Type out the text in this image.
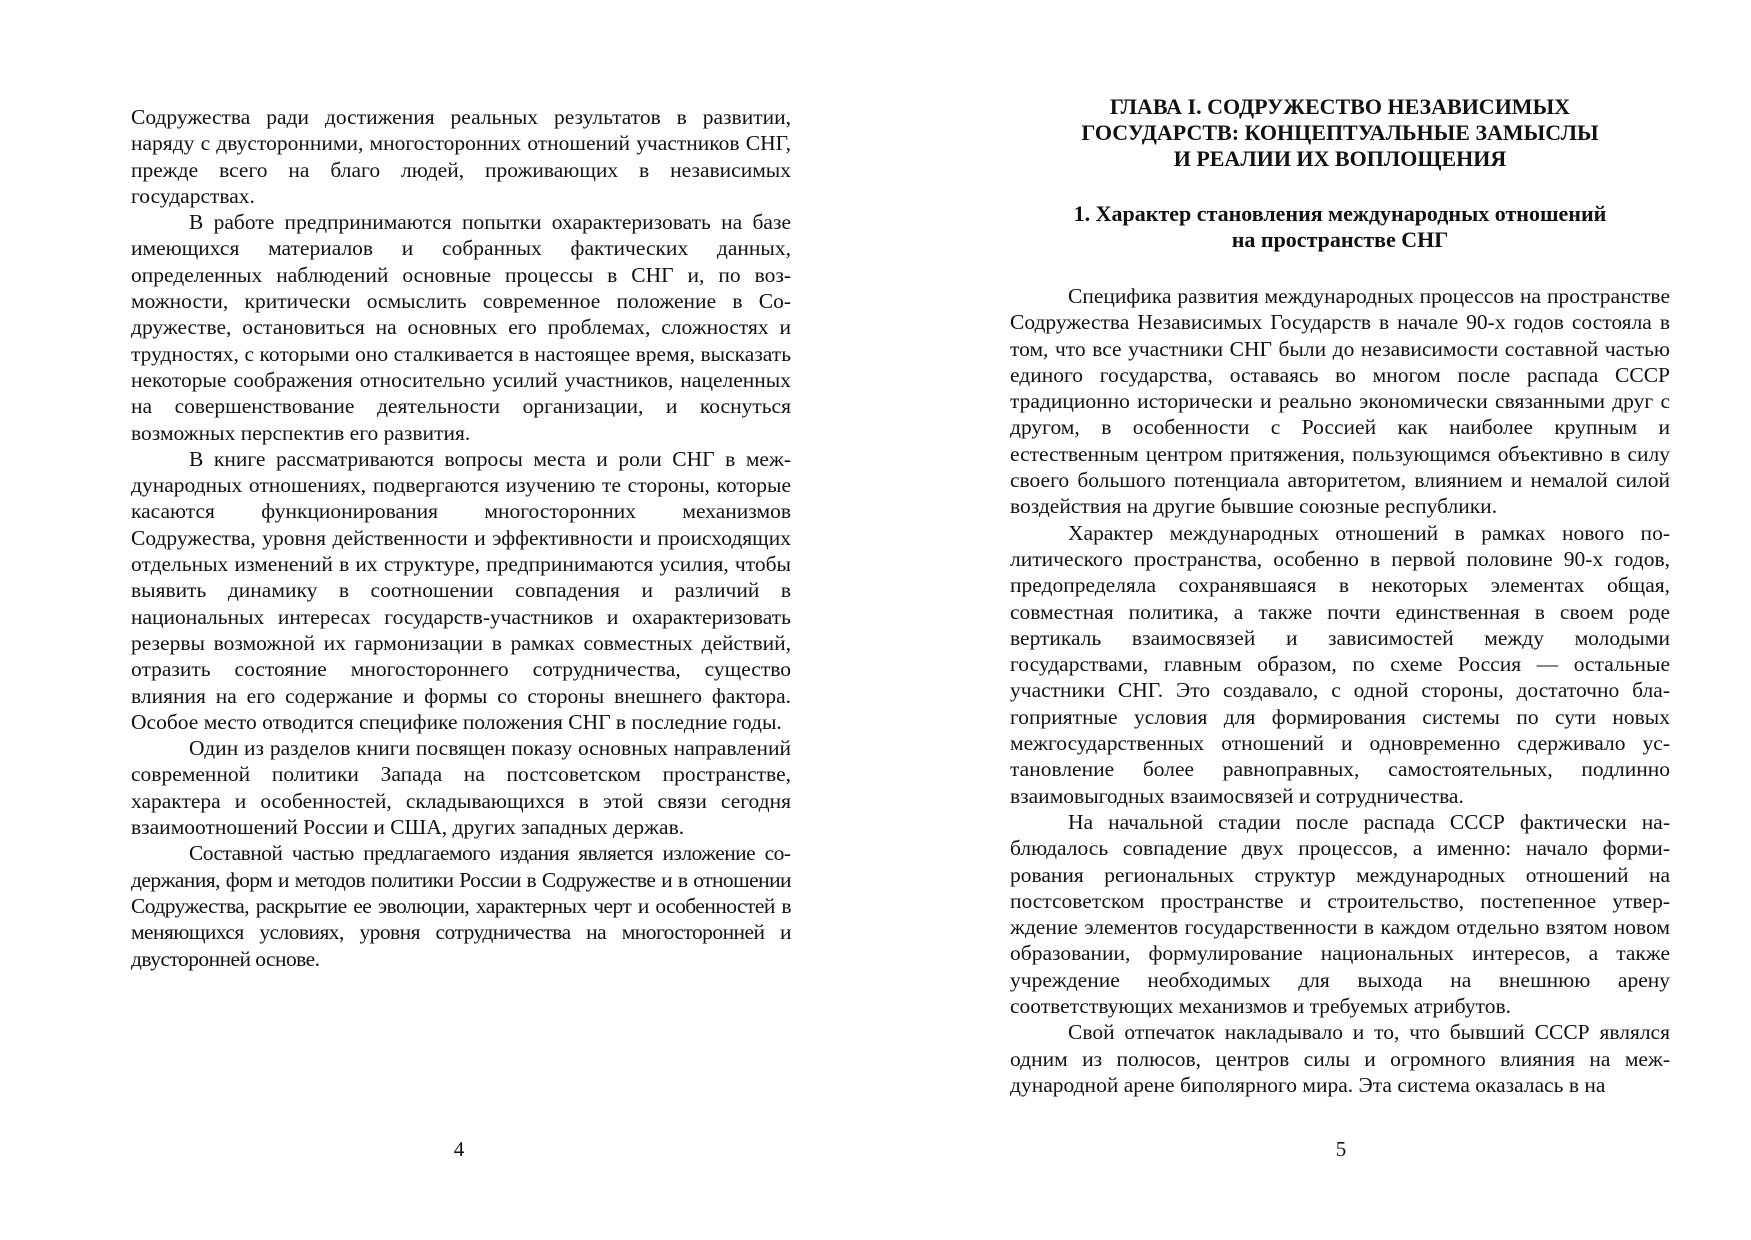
Содружества ради достижения реальных результатов в развитии, наряду с двусторонними, многосторонних отношений участников СНГ, прежде всего на благо людей, проживающих в независимых государствах.

В работе предпринимаются попытки охарактеризовать на базе имеющихся материалов и собранных фактических данных, определенных наблюдений основные процессы в СНГ и, по возможности, критически осмыслить современное положение в Содружестве, остановиться на основных его проблемах, сложностях и трудностях, с которыми оно сталкивается в настоящее время, высказать некоторые соображения относительно усилий участников, нацеленных на совершенствование деятельности организации, и коснуться возможных перспектив его развития.

В книге рассматриваются вопросы места и роли СНГ в международных отношениях, подвергаются изучению те стороны, которые касаются функционирования многосторонних механизмов Содружества, уровня действенности и эффективности и происходящих отдельных изменений в их структуре, предпринимаются усилия, чтобы выявить динамику в соотношении совпадения и различий в национальных интересах государств-участников и охарактеризовать резервы возможной их гармонизации в рамках совместных действий, отразить состояние многостороннего сотрудничества, существо влияния на его содержание и формы со стороны внешнего фактора. Особое место отводится специфике положения СНГ в последние годы.

Один из разделов книги посвящен показу основных направлений современной политики Запада на постсоветском пространстве, характера и особенностей, складывающихся в этой связи сегодня взаимоотношений России и США, других западных держав.

Составной частью предлагаемого издания является изложение содержания, форм и методов политики России в Содружестве и в отношении Содружества, раскрытие ее эволюции, характерных черт и особенностей в меняющихся условиях, уровня сотрудничества на многосторонней и двусторонней основе.

4
ГЛАВА I. СОДРУЖЕСТВО НЕЗАВИСИМЫХ
ГОСУДАРСТВ: КОНЦЕПТУАЛЬНЫЕ ЗАМЫСЛЫ
И РЕАЛИИ ИХ ВОПЛОЩЕНИЯ
1. Характер становления международных отношений
на пространстве СНГ

Специфика развития международных процессов на пространстве Содружества Независимых Государств в начале 90-х годов состояла в том, что все участники СНГ были до независимости составной частью единого государства, оставаясь во многом после распада СССР традиционно исторически и реально экономически связанными друг с другом, в особенности с Россией как наиболее крупным и естественным центром притяжения, пользующимся объективно в силу своего большого потенциала авторитетом, влиянием и немалой силой воздействия на другие бывшие союзные республики.

Характер международных отношений в рамках нового политического пространства, особенно в первой половине 90-х годов, предопределяла сохранявшаяся в некоторых элементах общая, совместная политика, а также почти единственная в своем роде вертикаль взаимосвязей и зависимостей между молодыми государствами, главным образом, по схеме Россия — остальные участники СНГ. Это создавало, с одной стороны, достаточно благоприятные условия для формирования системы по сути новых межгосударственных отношений и одновременно сдерживало установление более равноправных, самостоятельных, подлинно взаимовыгодных взаимосвязей и сотрудничества.

На начальной стадии после распада СССР фактически наблюдалось совпадение двух процессов, а именно: начало формирования региональных структур международных отношений на постсоветском пространстве и строительство, постепенное утверждение элементов государственности в каждом отдельно взятом новом образовании, формулирование национальных интересов, а также учреждение необходимых для выхода на внешнюю арену соответствующих механизмов и требуемых атрибутов.

Свой отпечаток накладывало и то, что бывший СССР являлся одним из полюсов, центров силы и огромного влияния на международной арене биполярного мира. Эта система оказалась в на

5
